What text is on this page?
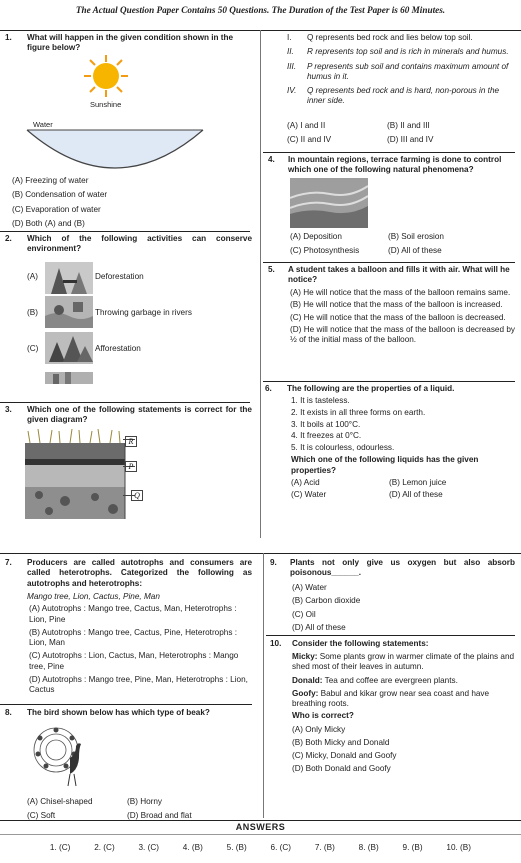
The Actual Question Paper Contains 50 Questions. The Duration of the Test Paper is 60 Minutes.
1.	What will happen in the given condition shown in the figure below?
Sunshine
Water
(A) Freezing of water
(B) Condensation of water
(C) Evaporation of water
(D) Both (A) and (B)
2.	Which of the following activities can conserve environment?
(A)	Deforestation
(B)	Throwing garbage in rivers
(C)	Afforestation
3.	Which one of the following statements is correct for the given diagram?
R
P
Q
I.	Q represents bed rock and lies below top soil.
II.	R represents top soil and is rich in minerals and humus.
III.	P represents sub soil and contains maximum amount of humus in it.
IV.	Q represents bed rock and is hard, non-porous in the inner side.
(A) I and II	(B) II and III
(C) II and IV	(D) III and IV
4.	In mountain regions, terrace farming is done to control which one of the following natural phenomena?
(A) Deposition	(B) Soil erosion
(C) Photosynthesis	(D) All of these
5.	A student takes a balloon and fills it with air. What will he notice?
(A) He will notice that the mass of the balloon remains same.
(B) He will notice that the mass of the balloon is increased.
(C) He will notice that the mass of the balloon is decreased.
(D) He will notice that the mass of the balloon is decreased by ½ of the initial mass of the balloon.
6.	The following are the properties of a liquid.
1. It is tasteless.
2. It exists in all three forms on earth.
3. It boils at 100°C.
4. It freezes at 0°C.
5. It is colourless, odourless.
Which one of the following liquids has the given properties?
(A) Acid	(B) Lemon juice
(C) Water	(D) All of these
7.	Producers are called autotrophs and consumers are called heterotrophs. Categorized the following as autotrophs and heterotrophs:
Mango tree, Lion, Cactus, Pine, Man
(A) Autotrophs : Mango tree, Cactus, Man, Heterotrophs : Lion, Pine
(B) Autotrophs : Mango tree, Cactus, Pine, Heterotrophs : Lion, Man
(C) Autotrophs : Lion, Cactus, Man, Heterotrophs : Mango tree, Pine
(D) Autotrophs : Mango tree, Pine, Man, Heterotrophs : Lion, Cactus
8.	The bird shown below has which type of beak?
(A) Chisel-shaped	(B) Horny
(C) Soft	(D) Broad and flat
9.	Plants not only give us oxygen but also absorb poisonous______.
(A) Water
(B) Carbon dioxide
(C) Oil
(D) All of these
10.	Consider the following statements:
Micky: Some plants grow in warmer climate of the plains and shed most of their leaves in autumn.
Donald: Tea and coffee are evergreen plants.
Goofy: Babul and kikar grow near sea coast and have breathing roots.
Who is correct?
(A) Only Micky
(B) Both Micky and Donald
(C) Micky, Donald and Goofy
(D) Both Donald and Goofy
ANSWERS
1. (C)	2. (C)	3. (C)	4. (B)	5. (B)	6. (C)	7. (B)	8. (B)	9. (B)	10. (B)
